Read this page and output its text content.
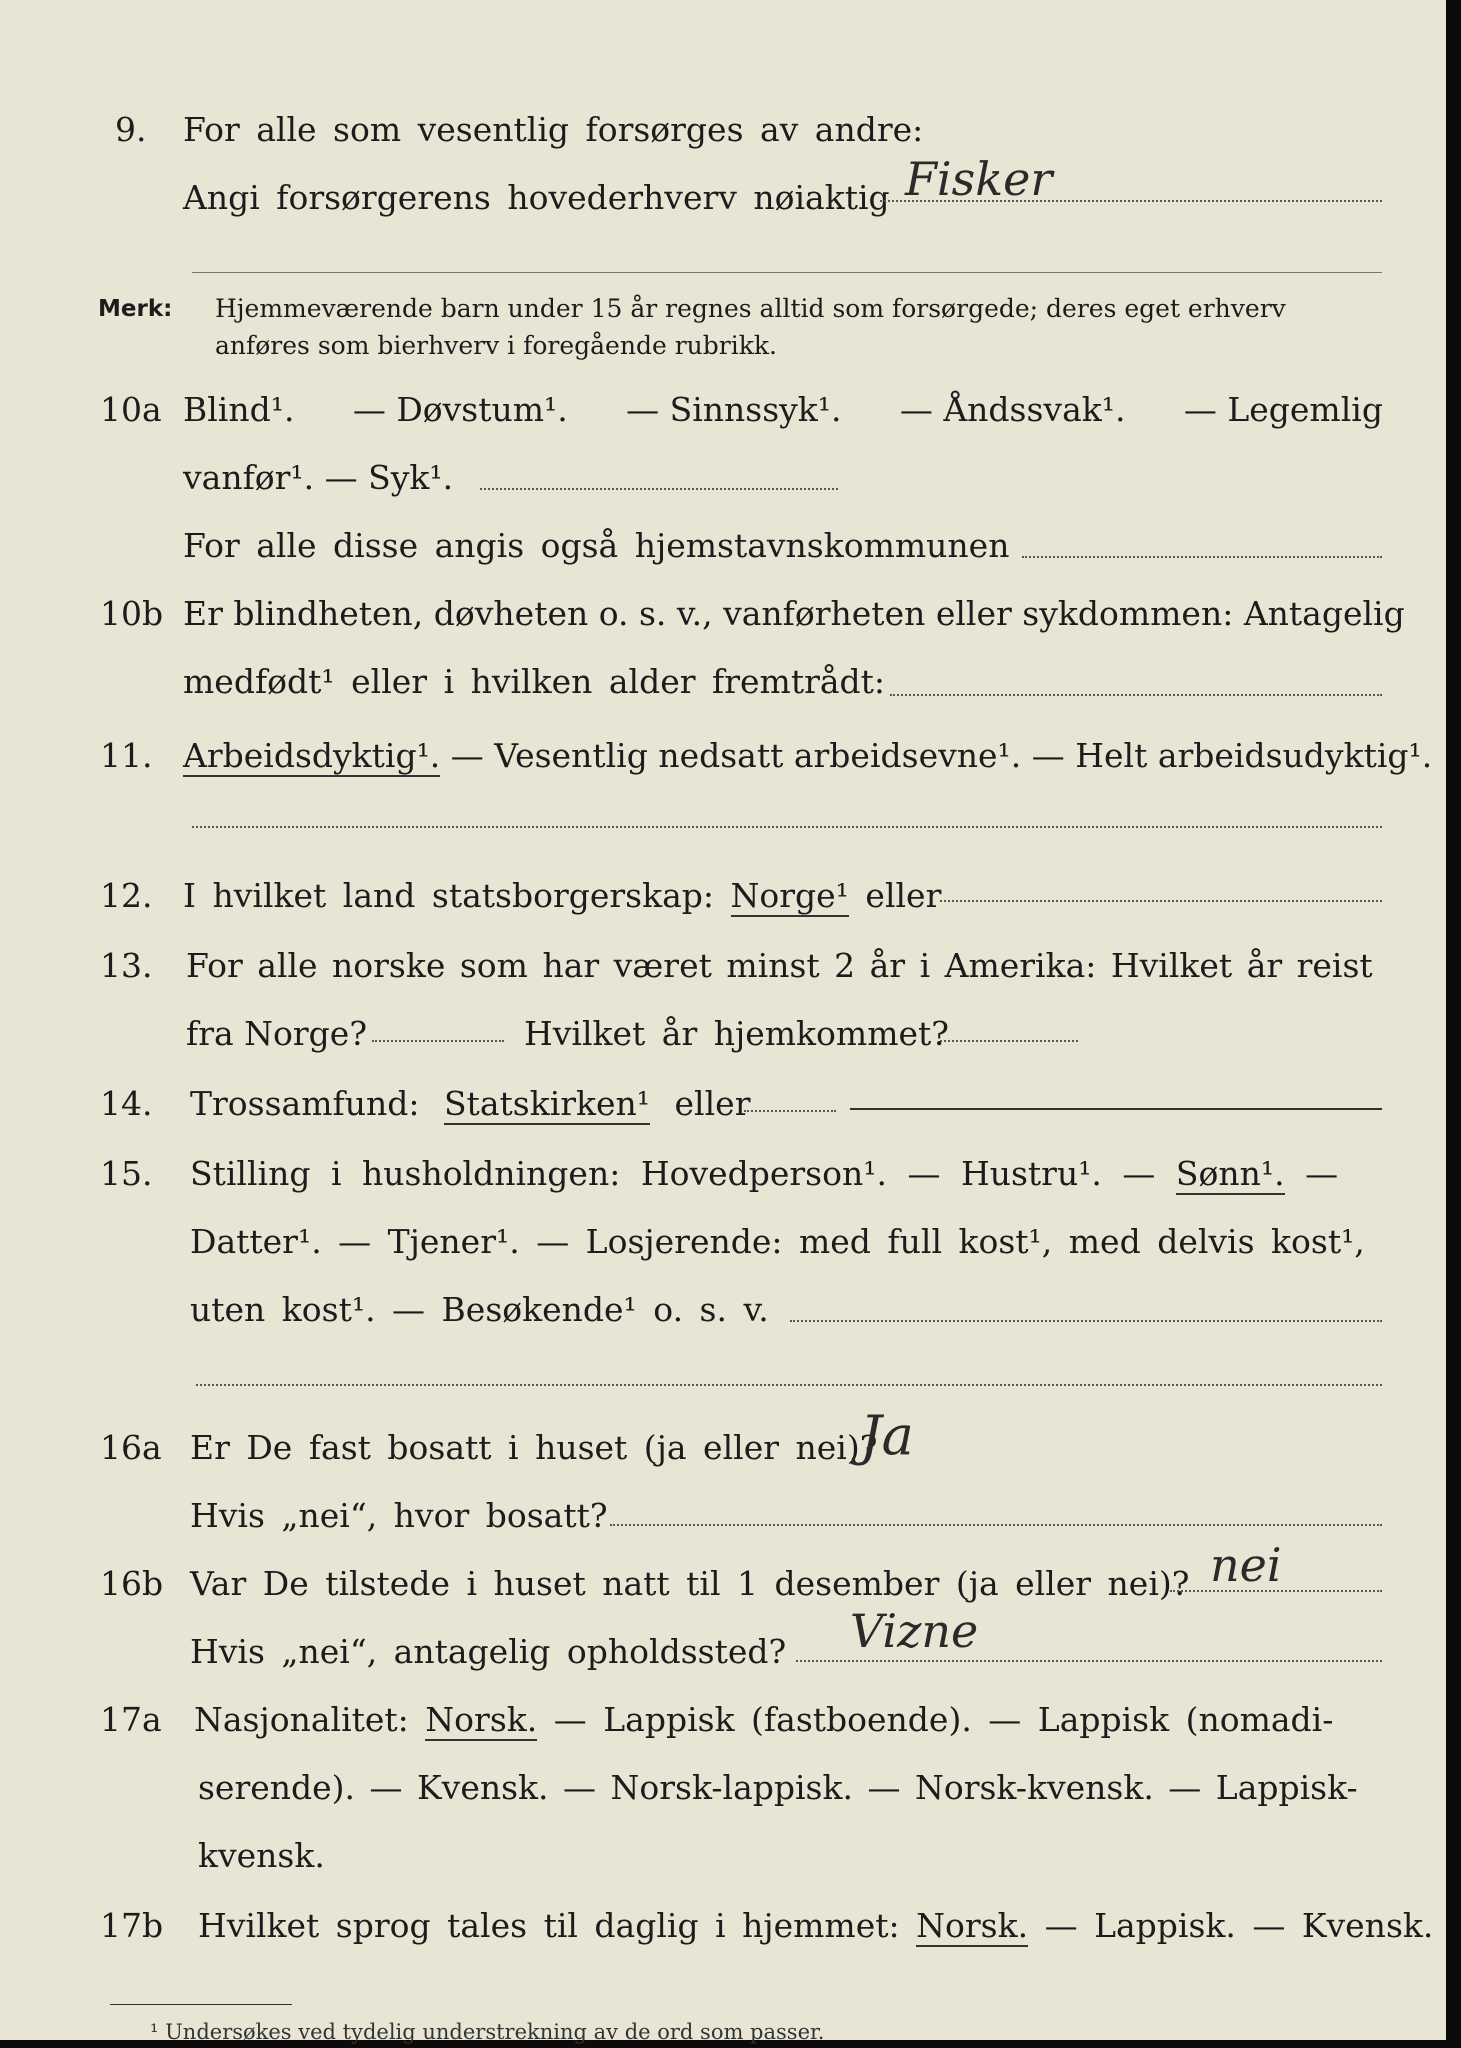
9. For alle som vesentlig forsørges av andre:
Angi forsørgerens hovederhverv nøiaktig Fisker
Merk: Hjemmeværende barn under 15 år regnes alltid som forsørgede; deres eget erhverv
anføres som bierhverv i foregående rubrikk.
10a Blind¹. — Døvstum¹. — Sinnssyk¹. — Åndssvak¹. — Legemlig
vanfør¹. — Syk¹.
For alle disse angis også hjemstavnskommunen
10b Er blindheten, døvheten o. s. v., vanførheten eller sykdommen: Antagelig
medfødt¹ eller i hvilken alder fremtrådt:
11. Arbeidsdyktig¹. — Vesentlig nedsatt arbeidsevne¹. — Helt arbeidsudyktig¹.
12. I hvilket land statsborgerskap: Norge¹ eller
13. For alle norske som har været minst 2 år i Amerika: Hvilket år reist
fra Norge?	Hvilket år hjemkommet?
14. Trossamfund: Statskirken¹ eller
15. Stilling i husholdningen: Hovedperson¹. — Hustru¹. — Sønn¹. —
Datter¹. — Tjener¹. — Losjerende: med full kost¹, med delvis kost¹,
uten kost¹. — Besøkende¹ o. s. v.
16a Er De fast bosatt i huset (ja eller nei)?
Ja
Hvis „nei“, hvor bosatt?
16b Var De tilstede i huset natt til 1 desember (ja eller nei)? nei
Hvis „nei“, antagelig opholdssted? Vizne
17a Nasjonalitet: Norsk. — Lappisk (fastboende). — Lappisk (nomadi-
serende). — Kvensk. — Norsk-lappisk. — Norsk-kvensk. — Lappisk-
kvensk.
17b Hvilket sprog tales til daglig i hjemmet: Norsk. — Lappisk. — Kvensk.
¹ Undersøkes ved tydelig understrekning av de ord som passer.
